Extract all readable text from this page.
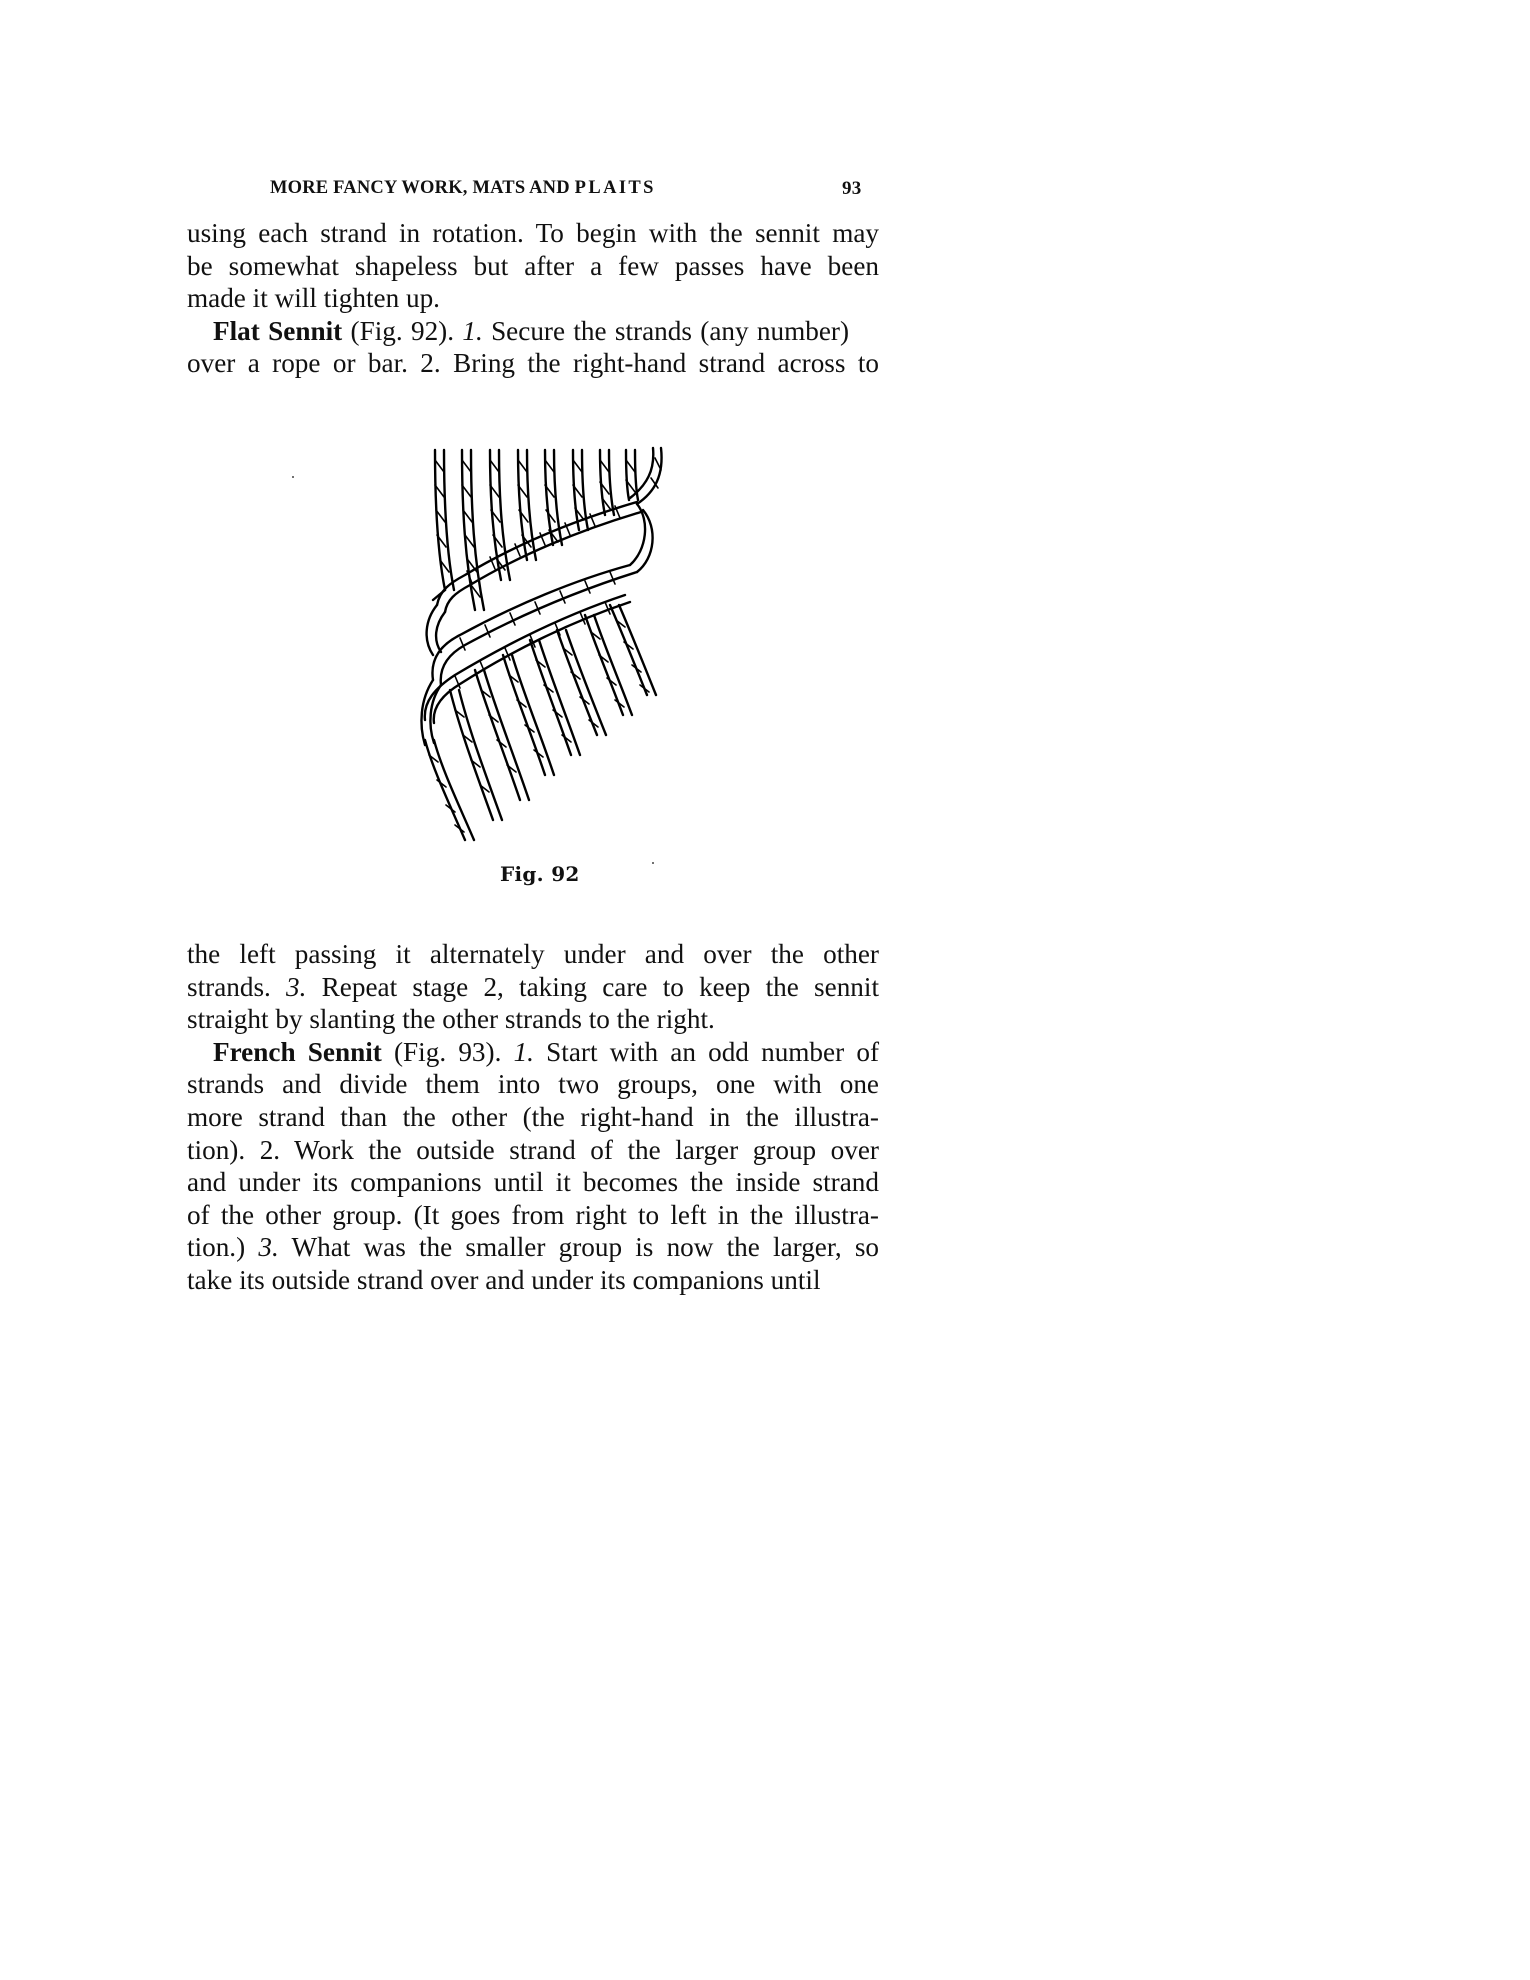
MORE FANCY WORK, MATS AND PLAITS	93

using each strand in rotation. To begin with the sennit may
be somewhat shapeless but after a few passes have been
made it will tighten up.

Flat Sennit (Fig. 92). 1. Secure the strands (any number)
over a rope or bar. 2. Bring the right-hand strand across to

Fig. 92

the left passing it alternately under and over the other
strands. 3. Repeat stage 2, taking care to keep the sennit
straight by slanting the other strands to the right.

French Sennit (Fig. 93). 1. Start with an odd number of
strands and divide them into two groups, one with one
more strand than the other (the right-hand in the illustra-
tion). 2. Work the outside strand of the larger group over
and under its companions until it becomes the inside strand
of the other group. (It goes from right to left in the illustra-
tion.) 3. What was the smaller group is now the larger, so
take its outside strand over and under its companions until
